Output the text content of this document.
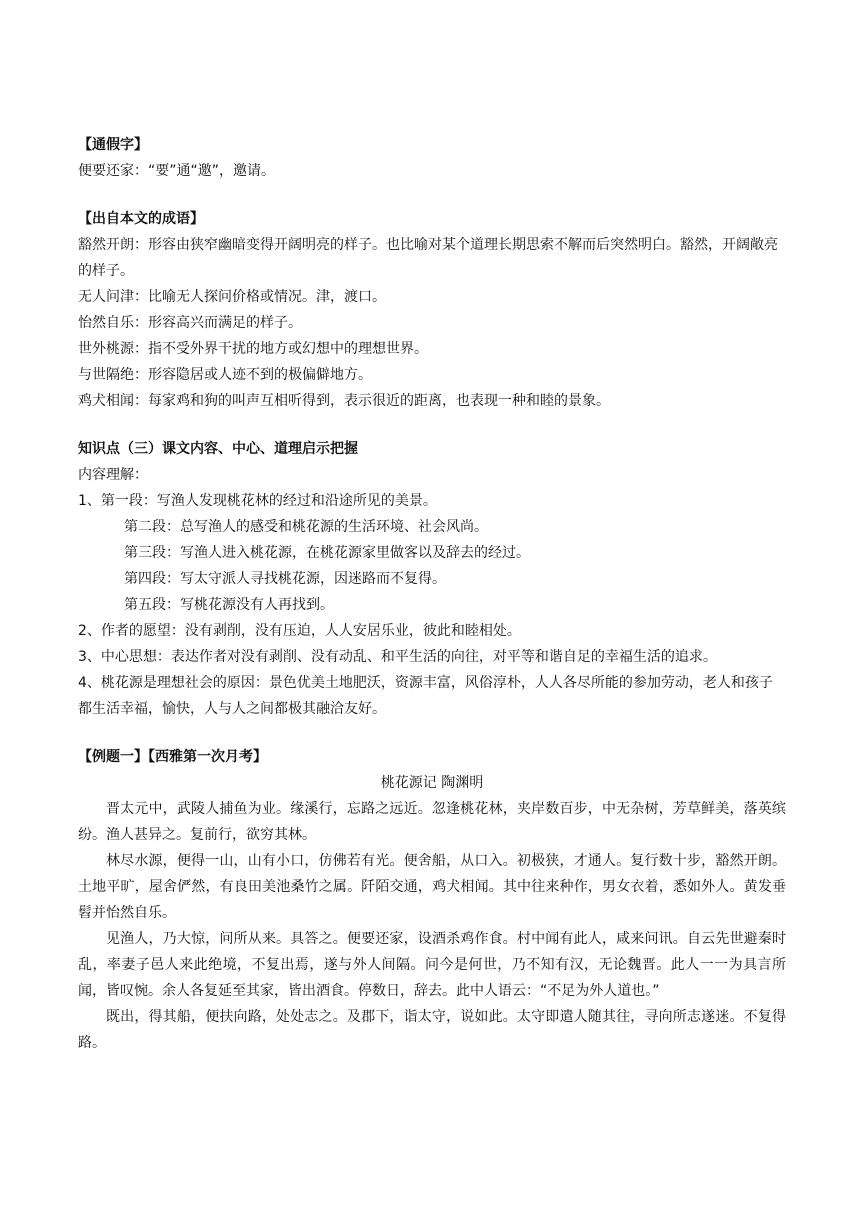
【通假字】
便要还家：“要”通“邀”，邀请。
【出自本文的成语】
豁然开朗：形容由狭窄幽暗变得开阔明亮的样子。也比喻对某个道理长期思索不解而后突然明白。豁然，开阔敞亮的样子。
无人问津：比喻无人探问价格或情况。津，渡口。
怡然自乐：形容高兴而满足的样子。
世外桃源：指不受外界干扰的地方或幻想中的理想世界。
与世隔绝：形容隐居或人迹不到的极偏僻地方。
鸡犬相闻：每家鸡和狗的叫声互相听得到，表示很近的距离，也表现一种和睦的景象。
知识点（三）课文内容、中心、道理启示把握
内容理解：
1、第一段：写渔人发现桃花林的经过和沿途所见的美景。
第二段：总写渔人的感受和桃花源的生活环境、社会风尚。
第三段：写渔人进入桃花源，在桃花源家里做客以及辞去的经过。
第四段：写太守派人寻找桃花源，因迷路而不复得。
第五段：写桃花源没有人再找到。
2、作者的愿望：没有剥削，没有压迫，人人安居乐业，彼此和睦相处。
3、中心思想：表达作者对没有剥削、没有动乱、和平生活的向往，对平等和谐自足的幸福生活的追求。
4、桃花源是理想社会的原因：景色优美土地肥沃，资源丰富，风俗淳朴，人人各尽所能的参加劳动，老人和孩子都生活幸福，愉快，人与人之间都极其融洽友好。
【例题一】【西雅第一次月考】
桃花源记 陶渊明
晋太元中，武陵人捕鱼为业。缘溪行，忘路之远近。忽逢桃花林，夹岸数百步，中无杂树，芳草鲜美，落英缤纷。渔人甚异之。复前行，欲穷其林。
林尽水源，便得一山，山有小口，仿佛若有光。便舍船，从口入。初极狭，才通人。复行数十步，豁然开朗。土地平旷，屋舍俨然，有良田美池桑竹之属。阡陌交通，鸡犬相闻。其中往来种作，男女衣着，悉如外人。黄发垂髫并怡然自乐。
见渔人，乃大惊，问所从来。具答之。便要还家，设酒杀鸡作食。村中闻有此人，咸来问讯。自云先世避秦时乱，率妻子邑人来此绝境，不复出焉，遂与外人间隔。问今是何世，乃不知有汉，无论魏晋。此人一一为具言所闻，皆叹惋。余人各复延至其家，皆出酒食。停数日，辞去。此中人语云：“不足为外人道也。”
既出，得其船，便扶向路，处处志之。及郡下，诣太守，说如此。太守即遣人随其往，寻向所志遂迷。不复得路。
